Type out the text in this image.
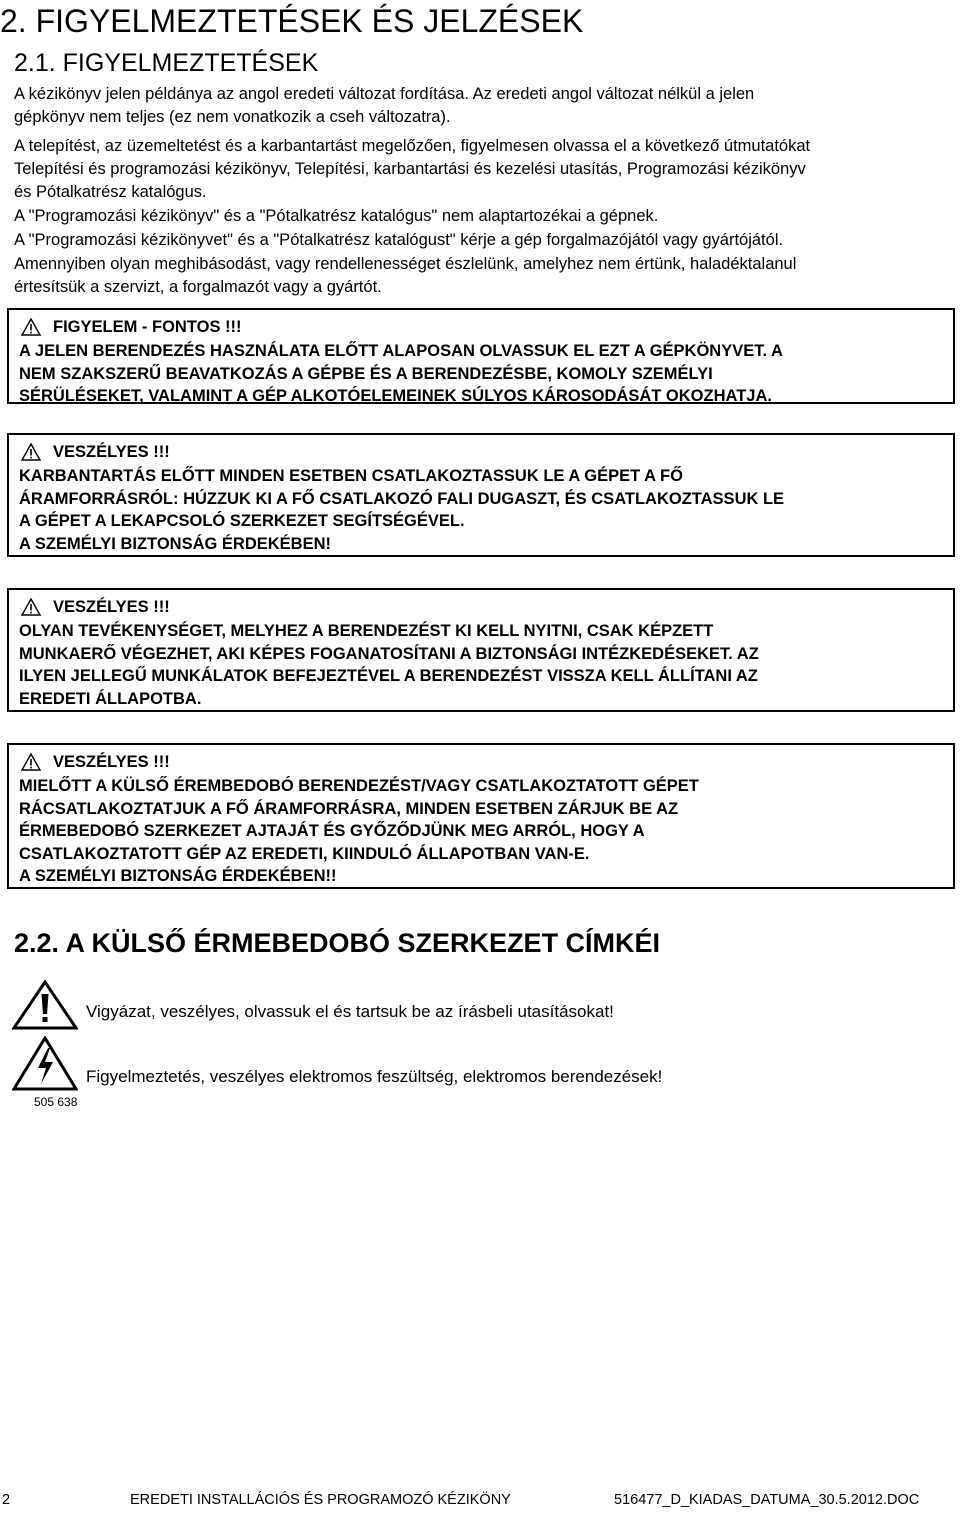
2. FIGYELMEZTETÉSEK ÉS JELZÉSEK
2.1. FIGYELMEZTETÉSEK

A kézikönyv jelen példánya az angol eredeti változat fordítása. Az eredeti angol változat nélkül a jelen

gépkönyv nem teljes (ez nem vonatkozik a cseh változatra).

A telepítést, az üzemeltetést és a karbantartást megelőzően, figyelmesen olvassa el a következő útmutatókat

Telepítési és programozási kézikönyv, Telepítési, karbantartási és kezelési utasítás, Programozási kézikönyv

és Pótalkatrész katalógus.

A "Programozási kézikönyv" és a "Pótalkatrész katalógus" nem alaptartozékai a gépnek.

A "Programozási kézikönyvet" és a "Pótalkatrész katalógust" kérje a gép forgalmazójától vagy gyártójától.

Amennyiben olyan meghibásodást, vagy rendellenességet észlelünk, amelyhez nem értünk, haladéktalanul

értesítsük a szervizt, a forgalmazót vagy a gyártót.

FIGYELEM - FONTOS !!!

A JELEN BERENDEZÉS HASZNÁLATA ELŐTT ALAPOSAN OLVASSUK EL EZT A GÉPKÖNYVET. A

NEM SZAKSZERŰ BEAVATKOZÁS A GÉPBE ÉS A BERENDEZÉSBE, KOMOLY SZEMÉLYI

SÉRÜLÉSEKET, VALAMINT A GÉP ALKOTÓELEMEINEK SÚLYOS KÁROSODÁSÁT OKOZHATJA.

VESZÉLYES !!!

KARBANTARTÁS ELŐTT MINDEN ESETBEN CSATLAKOZTASSUK LE A GÉPET A FŐ

ÁRAMFORRÁSRÓL: HÚZZUK KI A FŐ CSATLAKOZÓ FALI DUGASZT, ÉS CSATLAKOZTASSUK LE

A GÉPET A LEKAPCSOLÓ SZERKEZET SEGÍTSÉGÉVEL.

A SZEMÉLYI BIZTONSÁG ÉRDEKÉBEN!

VESZÉLYES !!!

OLYAN TEVÉKENYSÉGET, MELYHEZ A BERENDEZÉST KI KELL NYITNI, CSAK KÉPZETT

MUNKAERŐ VÉGEZHET, AKI KÉPES FOGANATOSÍTANI A BIZTONSÁGI INTÉZKEDÉSEKET. AZ

ILYEN JELLEGŰ MUNKÁLATOK BEFEJEZTÉVEL A BERENDEZÉST VISSZA KELL ÁLLÍTANI AZ

EREDETI ÁLLAPOTBA.

VESZÉLYES !!!

MIELŐTT A KÜLSŐ ÉREMBEDOBÓ BERENDEZÉST/VAGY CSATLAKOZTATOTT GÉPET

RÁCSATLAKOZTATJUK A FŐ ÁRAMFORRÁSRA, MINDEN ESETBEN ZÁRJUK BE AZ

ÉRMEBEDOBÓ SZERKEZET AJTAJÁT ÉS GYŐZŐDJÜNK MEG ARRÓL, HOGY A

CSATLAKOZTATOTT GÉP AZ EREDETI, KIINDULÓ ÁLLAPOTBAN VAN-E.

A SZEMÉLYI BIZTONSÁG ÉRDEKÉBEN!!

2.2. A KÜLSŐ ÉRMEBEDOBÓ SZERKEZET CÍMKÉI
Vigyázat, veszélyes, olvassuk el és tartsuk be az írásbeli utasításokat!
Figyelmeztetés, veszélyes elektromos feszültség, elektromos berendezések!
505 638
2	EREDETI INSTALLÁCIÓS ÉS PROGRAMOZÓ KÉZIKÖNY	516477_D_KIADAS_DATUMA_30.5.2012.DOC
